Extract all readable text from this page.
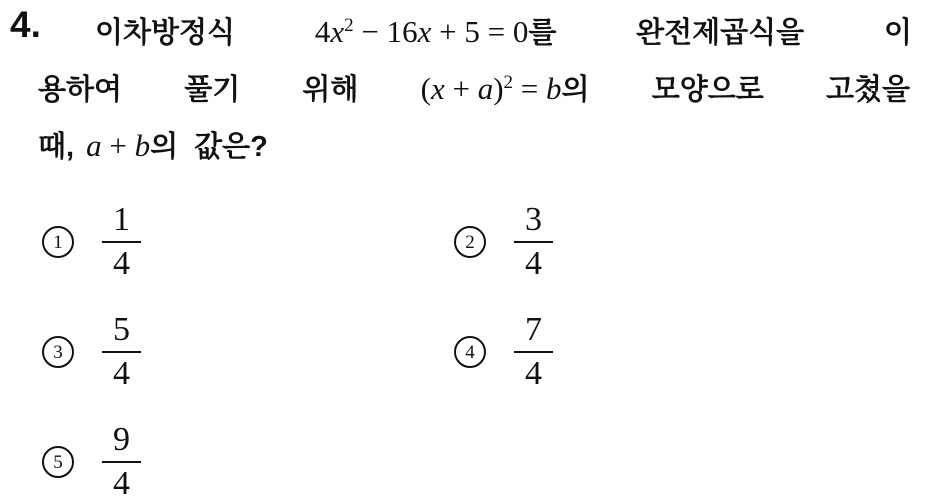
4. 이차방정식	$4x^2 - 16x + 5 = 0$를	완전제곱식을	이
용하여 풀기 위해 $(x + a)^2 = b$의 모양으로 고쳤을
때, a + b의 값은?
$1 \frac{1}{4}$	$2 \frac{3}{4}$
$3 \frac{5}{4}$	$4 \frac{7}{4}$
$5 \frac{9}{4}$
